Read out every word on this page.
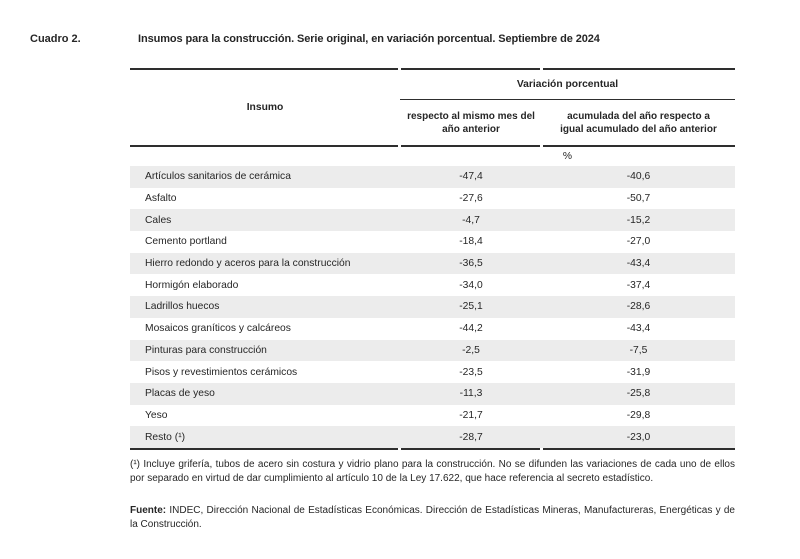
Cuadro 2.	Insumos para la construcción. Serie original, en variación porcentual. Septiembre de 2024
Insumo
Variación porcentual
respecto al mismo mes del
año anterior
acumulada del año respecto a
igual acumulado del año anterior
%
Artículos sanitarios de cerámica	-47,4	-40,6
Asfalto	-27,6	-50,7
Cales	-4,7	-15,2
Cemento portland	-18,4	-27,0
Hierro redondo y aceros para la construcción	-36,5	-43,4
Hormigón elaborado	-34,0	-37,4
Ladrillos huecos	-25,1	-28,6
Mosaicos graníticos y calcáreos	-44,2	-43,4
Pinturas para construcción	-2,5	-7,5
Pisos y revestimientos cerámicos	-23,5	-31,9
Placas de yeso	-11,3	-25,8
Yeso	-21,7	-29,8
Resto (¹)	-28,7	-23,0
(¹) Incluye grifería, tubos de acero sin costura y vidrio plano para la construcción. No se difunden las variaciones de cada uno de ellos por separado en virtud de dar cumplimiento al artículo 10 de la Ley 17.622, que hace referencia al secreto estadístico.
Fuente: INDEC, Dirección Nacional de Estadísticas Económicas. Dirección de Estadísticas Mineras, Manufactureras, Energéticas y de la Construcción.
